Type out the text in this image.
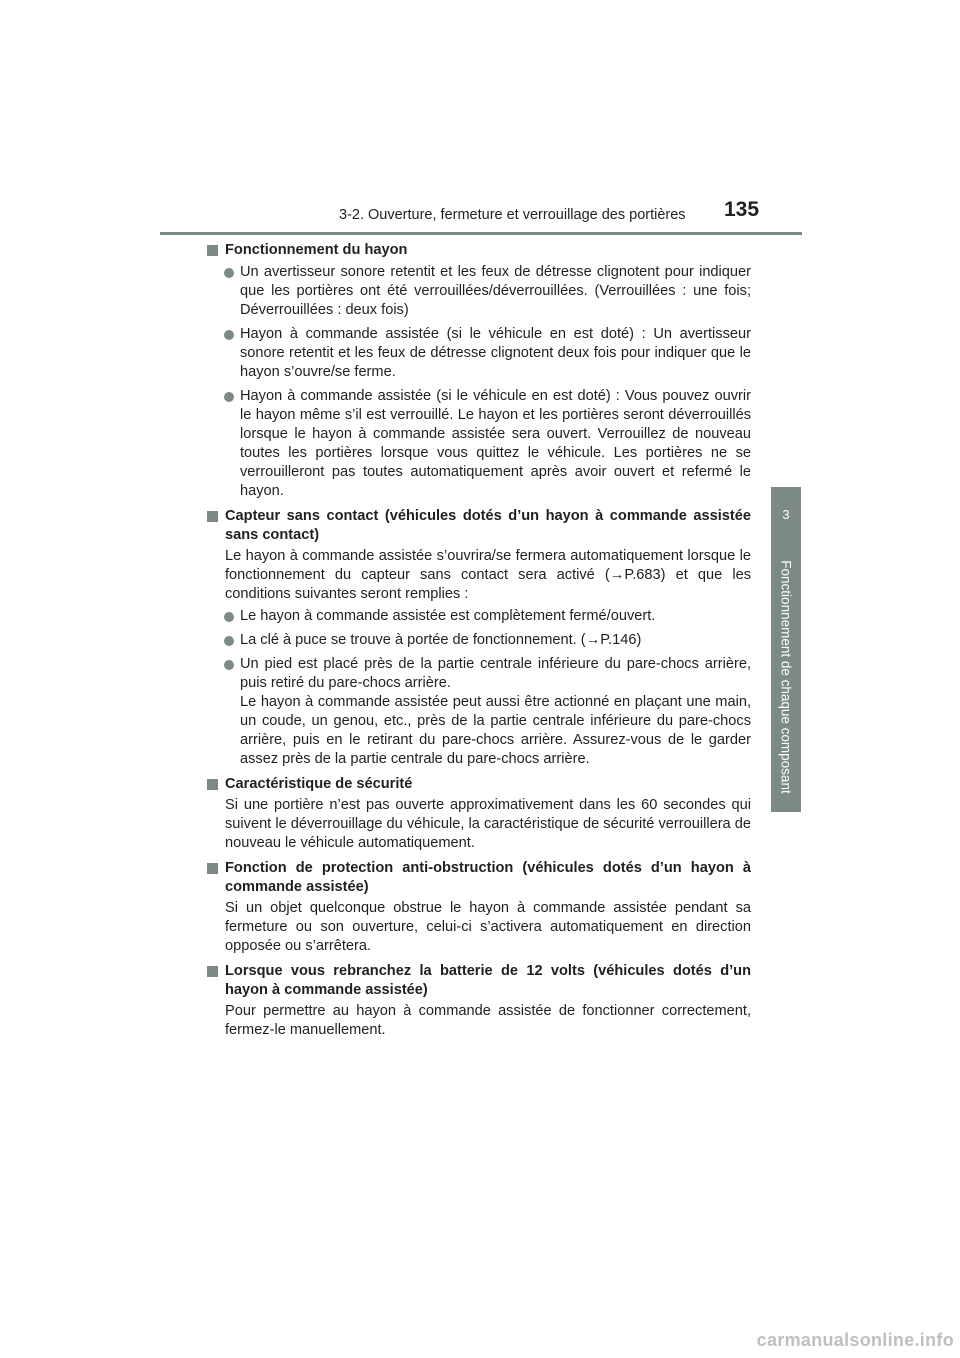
3-2. Ouverture, fermeture et verrouillage des portières 135
3
Fonctionnement de chaque composant
Fonctionnement du hayon

Un avertisseur sonore retentit et les feux de détresse clignotent pour indiquer que les portières ont été verrouillées/déverrouillées. (Verrouillées : une fois; Déverrouillées : deux fois)

Hayon à commande assistée (si le véhicule en est doté) : Un avertisseur sonore retentit et les feux de détresse clignotent deux fois pour indiquer que le hayon s’ouvre/se ferme.

Hayon à commande assistée (si le véhicule en est doté) : Vous pouvez ouvrir le hayon même s’il est verrouillé. Le hayon et les portières seront déverrouillés lorsque le hayon à commande assistée sera ouvert. Verrouillez de nouveau toutes les portières lorsque vous quittez le véhicule. Les portières ne se verrouilleront pas toutes automatiquement après avoir ouvert et refermé le hayon.

Capteur sans contact (véhicules dotés d’un hayon à commande assistée sans contact)

Le hayon à commande assistée s’ouvrira/se fermera automatiquement lorsque le fonctionnement du capteur sans contact sera activé (→P.683) et que les conditions suivantes seront remplies :

Le hayon à commande assistée est complètement fermé/ouvert.

La clé à puce se trouve à portée de fonctionnement. (→P.146)

Un pied est placé près de la partie centrale inférieure du pare-chocs arrière, puis retiré du pare-chocs arrière.

Le hayon à commande assistée peut aussi être actionné en plaçant une main, un coude, un genou, etc., près de la partie centrale inférieure du pare-chocs arrière, puis en le retirant du pare-chocs arrière. Assurez-vous de le garder assez près de la partie centrale du pare-chocs arrière.

Caractéristique de sécurité

Si une portière n’est pas ouverte approximativement dans les 60 secondes qui suivent le déverrouillage du véhicule, la caractéristique de sécurité verrouillera de nouveau le véhicule automatiquement.

Fonction de protection anti-obstruction (véhicules dotés d’un hayon à commande assistée)

Si un objet quelconque obstrue le hayon à commande assistée pendant sa fermeture ou son ouverture, celui-ci s’activera automatiquement en direction opposée ou s’arrêtera.

Lorsque vous rebranchez la batterie de 12 volts (véhicules dotés d’un hayon à commande assistée)

Pour permettre au hayon à commande assistée de fonctionner correctement, fermez-le manuellement.

carmanualsonline.info
